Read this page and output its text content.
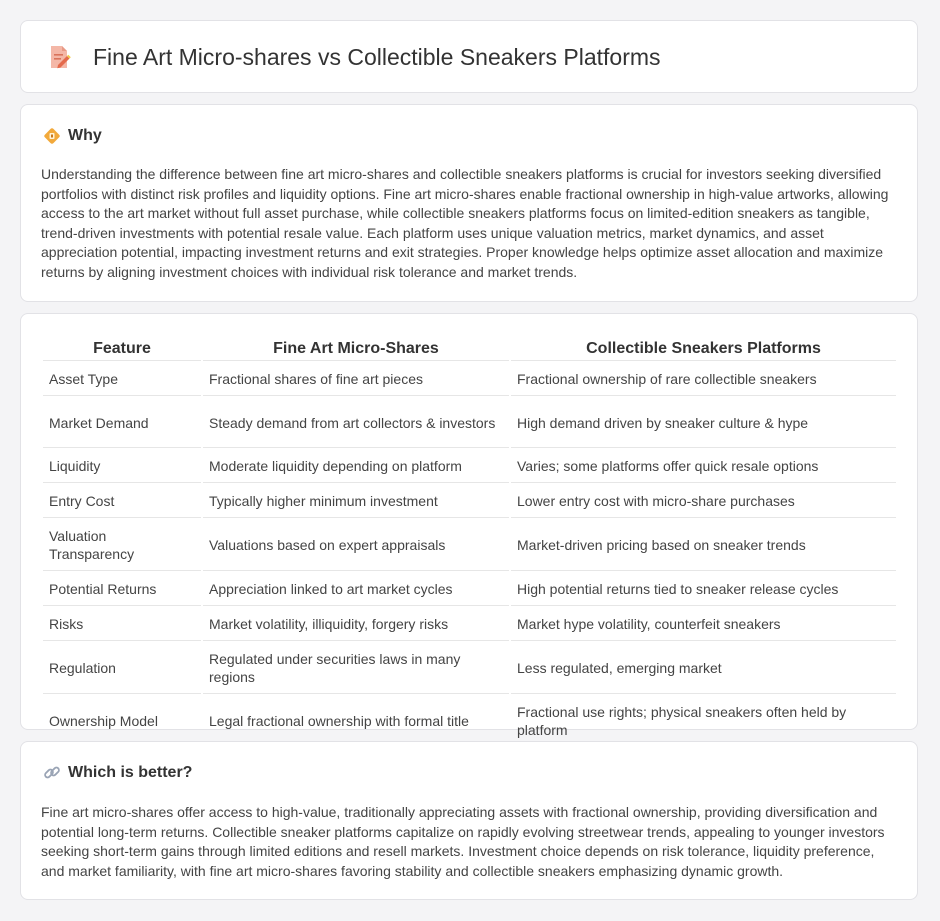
Fine Art Micro-shares vs Collectible Sneakers Platforms
Why

Understanding the difference between fine art micro-shares and collectible sneakers platforms is crucial for investors seeking diversified portfolios with distinct risk profiles and liquidity options. Fine art micro-shares enable fractional ownership in high-value artworks, allowing access to the art market without full asset purchase, while collectible sneakers platforms focus on limited-edition sneakers as tangible, trend-driven investments with potential resale value. Each platform uses unique valuation metrics, market dynamics, and asset appreciation potential, impacting investment returns and exit strategies. Proper knowledge helps optimize asset allocation and maximize returns by aligning investment choices with individual risk tolerance and market trends.

Feature	Fine Art Micro-Shares	Collectible Sneakers Platforms
Asset Type	Fractional shares of fine art pieces	Fractional ownership of rare collectible sneakers
Market Demand	Steady demand from art collectors & investors	High demand driven by sneaker culture & hype
Liquidity	Moderate liquidity depending on platform	Varies; some platforms offer quick resale options
Entry Cost	Typically higher minimum investment	Lower entry cost with micro-share purchases
Valuation Transparency	Valuations based on expert appraisals	Market-driven pricing based on sneaker trends
Potential Returns	Appreciation linked to art market cycles	High potential returns tied to sneaker release cycles
Risks	Market volatility, illiquidity, forgery risks	Market hype volatility, counterfeit sneakers
Regulation	Regulated under securities laws in many regions	Less regulated, emerging market
Ownership Model	Legal fractional ownership with formal title	Fractional use rights; physical sneakers often held by platform
Which is better?

Fine art micro-shares offer access to high-value, traditionally appreciating assets with fractional ownership, providing diversification and potential long-term returns. Collectible sneaker platforms capitalize on rapidly evolving streetwear trends, appealing to younger investors seeking short-term gains through limited editions and resell markets. Investment choice depends on risk tolerance, liquidity preference, and market familiarity, with fine art micro-shares favoring stability and collectible sneakers emphasizing dynamic growth.
